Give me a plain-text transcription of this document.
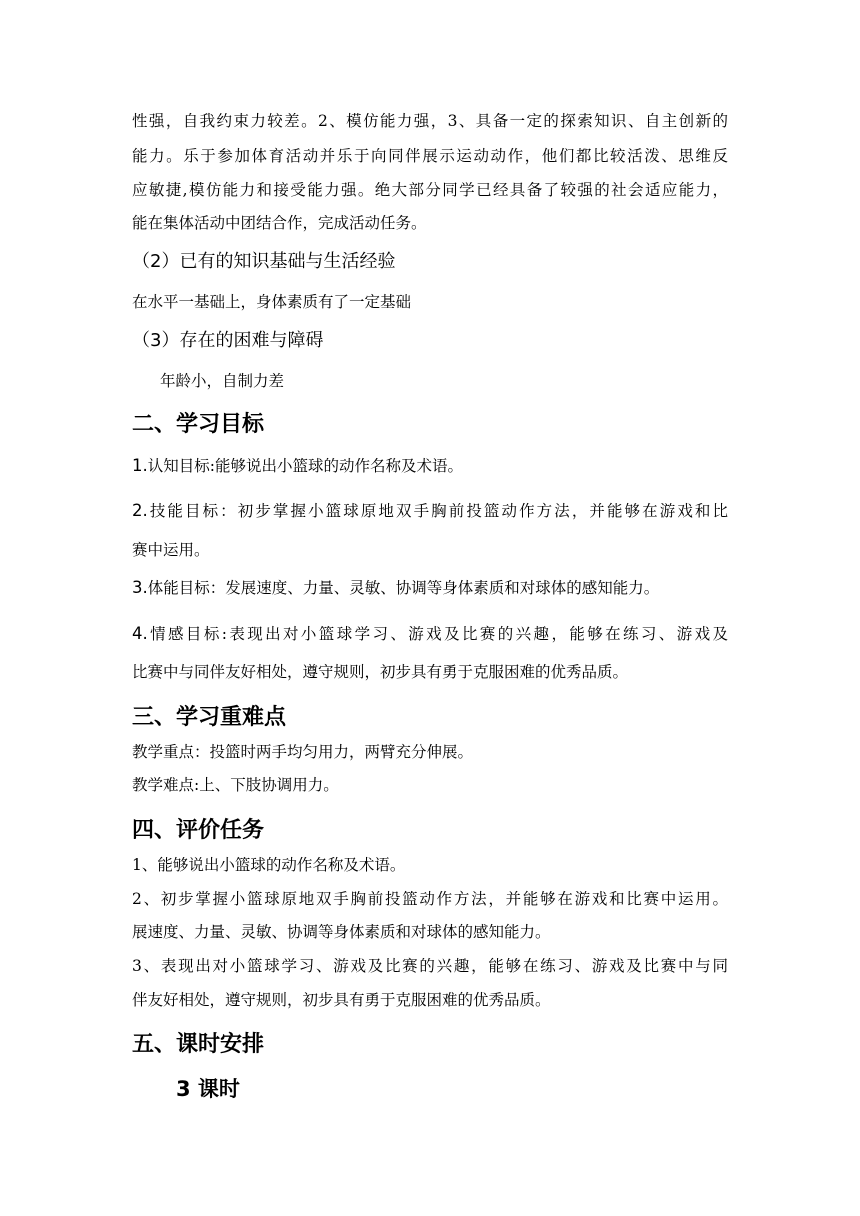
性强，自我约束力较差。2、模仿能力强，3、具备一定的探索知识、自主创新的
能力。乐于参加体育活动并乐于向同伴展示运动动作，他们都比较活泼、思维反
应敏捷,模仿能力和接受能力强。绝大部分同学已经具备了较强的社会适应能力，
能在集体活动中团结合作，完成活动任务。
（2）已有的知识基础与生活经验
在水平一基础上，身体素质有了一定基础
（3）存在的困难与障碍
年龄小，自制力差
二、学习目标
1.认知目标:能够说出小篮球的动作名称及术语。
2.技能目标：初步掌握小篮球原地双手胸前投篮动作方法，并能够在游戏和比
赛中运用。
3.体能目标：发展速度、力量、灵敏、协调等身体素质和对球体的感知能力。
4.情感目标:表现出对小篮球学习、游戏及比赛的兴趣，能够在练习、游戏及
比赛中与同伴友好相处，遵守规则，初步具有勇于克服困难的优秀品质。
三、学习重难点
教学重点：投篮时两手均匀用力，两臂充分伸展。
教学难点:上、下肢协调用力。
四、评价任务
1、能够说出小篮球的动作名称及术语。
2、初步掌握小篮球原地双手胸前投篮动作方法，并能够在游戏和比赛中运用。
展速度、力量、灵敏、协调等身体素质和对球体的感知能力。
3、表现出对小篮球学习、游戏及比赛的兴趣，能够在练习、游戏及比赛中与同
伴友好相处，遵守规则，初步具有勇于克服困难的优秀品质。
五、课时安排
3 课时
